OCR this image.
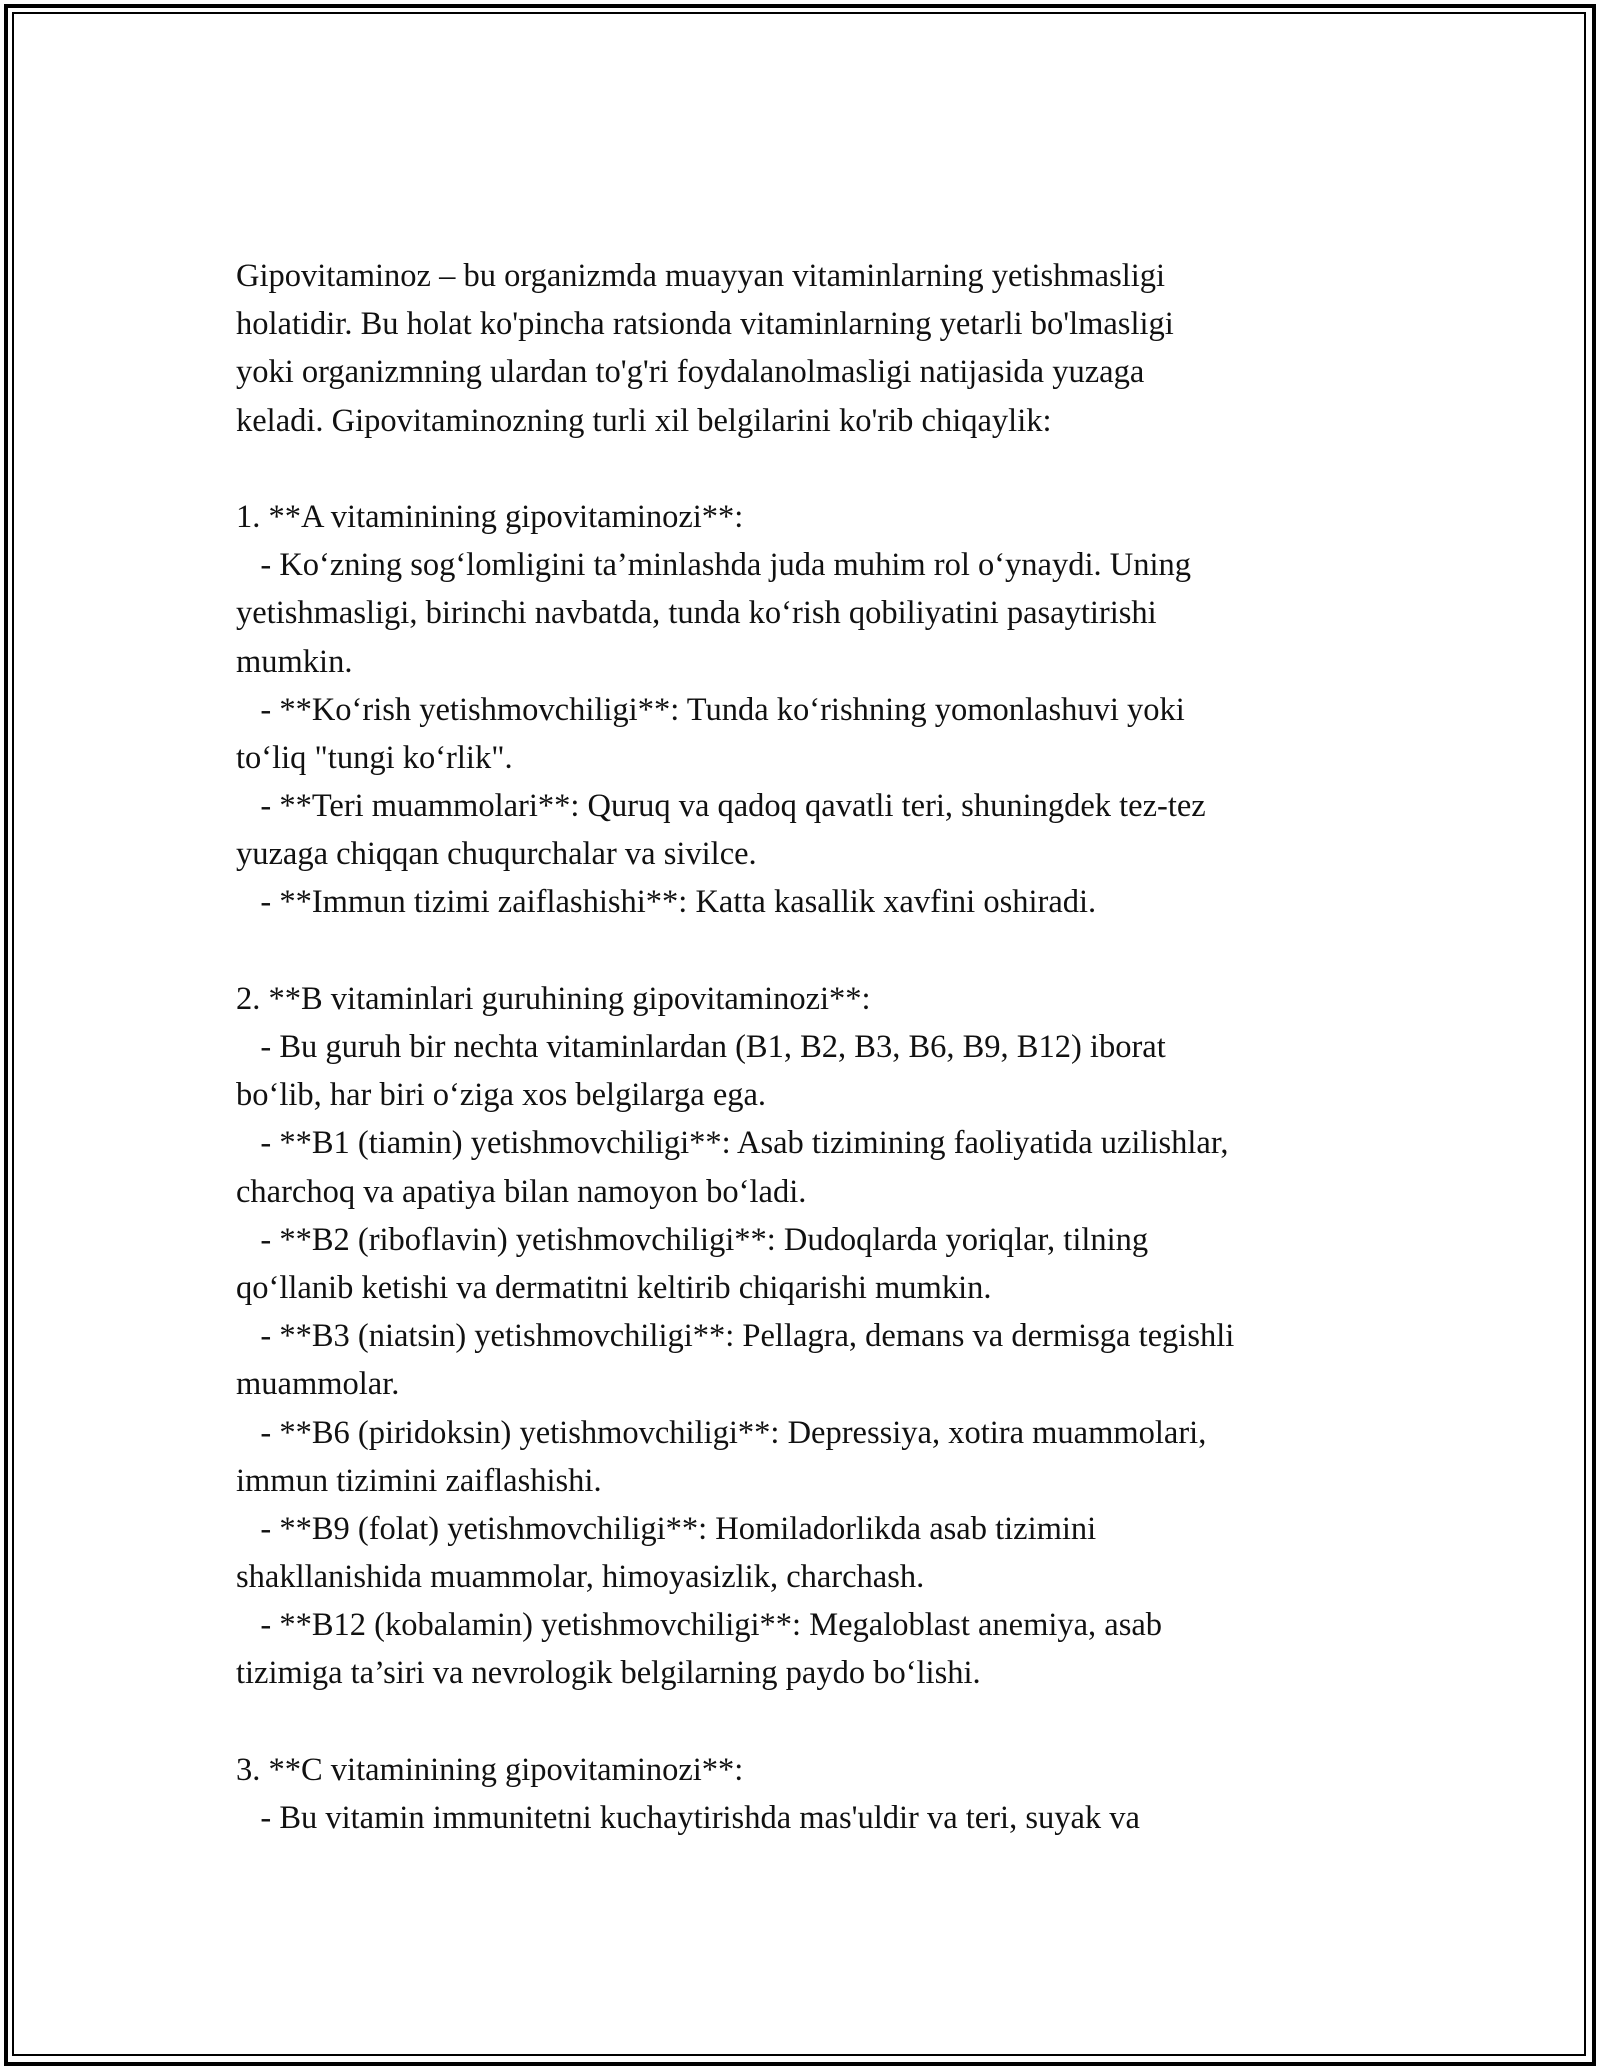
Gipovitaminoz – bu organizmda muayyan vitaminlarning yetishmasligi
holatidir. Bu holat ko'pincha ratsionda vitaminlarning yetarli bo'lmasligi
yoki organizmning ulardan to'g'ri foydalanolmasligi natijasida yuzaga
keladi. Gipovitaminozning turli xil belgilarini ko'rib chiqaylik:
1. **A vitaminining gipovitaminozi**:
- Ko‘zning sog‘lomligini ta’minlashda juda muhim rol o‘ynaydi. Uning
yetishmasligi, birinchi navbatda, tunda ko‘rish qobiliyatini pasaytirishi
mumkin.
- **Ko‘rish yetishmovchiligi**: Tunda ko‘rishning yomonlashuvi yoki
to‘liq "tungi ko‘rlik".
- **Teri muammolari**: Quruq va qadoq qavatli teri, shuningdek tez-tez
yuzaga chiqqan chuqurchalar va sivilce.
- **Immun tizimi zaiflashishi**: Katta kasallik xavfini oshiradi.
2. **B vitaminlari guruhining gipovitaminozi**:
- Bu guruh bir nechta vitaminlardan (B1, B2, B3, B6, B9, B12) iborat
bo‘lib, har biri o‘ziga xos belgilarga ega.
- **B1 (tiamin) yetishmovchiligi**: Asab tizimining faoliyatida uzilishlar,
charchoq va apatiya bilan namoyon bo‘ladi.
- **B2 (riboflavin) yetishmovchiligi**: Dudoqlarda yoriqlar, tilning
qo‘llanib ketishi va dermatitni keltirib chiqarishi mumkin.
- **B3 (niatsin) yetishmovchiligi**: Pellagra, demans va dermisga tegishli
muammolar.
- **B6 (piridoksin) yetishmovchiligi**: Depressiya, xotira muammolari,
immun tizimini zaiflashishi.
- **B9 (folat) yetishmovchiligi**: Homiladorlikda asab tizimini
shakllanishida muammolar, himoyasizlik, charchash.
- **B12 (kobalamin) yetishmovchiligi**: Megaloblast anemiya, asab
tizimiga ta’siri va nevrologik belgilarning paydo bo‘lishi.
3. **C vitaminining gipovitaminozi**:
- Bu vitamin immunitetni kuchaytirishda mas'uldir va teri, suyak va
